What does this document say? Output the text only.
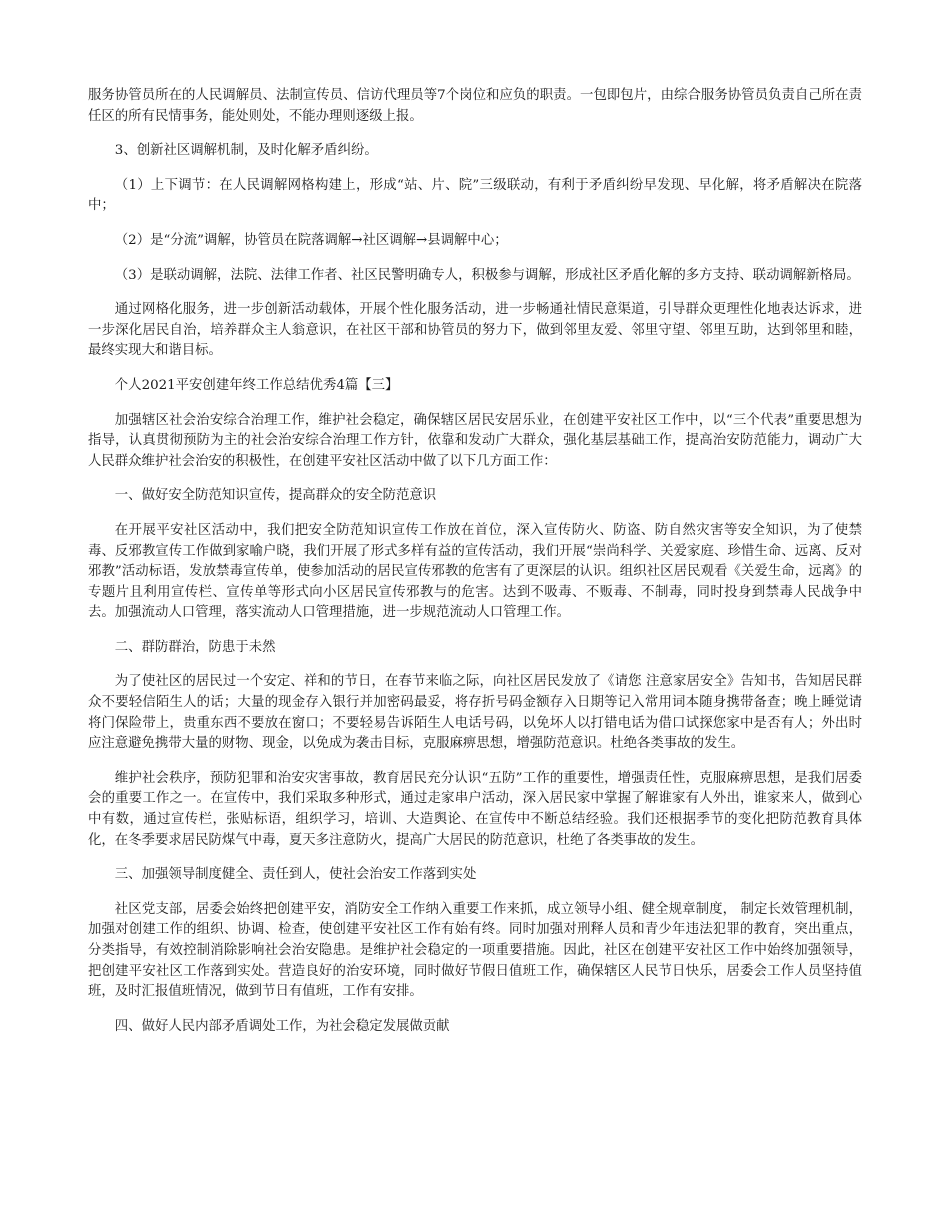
服务协管员所在的人民调解员、法制宣传员、信访代理员等7个岗位和应负的职责。一包即包片，由综合服务协管员负责自己所在责任区的所有民情事务，能处则处，不能办理则逐级上报。

3、创新社区调解机制，及时化解矛盾纠纷。

（1）上下调节：在人民调解网格构建上，形成“站、片、院”三级联动，有利于矛盾纠纷早发现、早化解，将矛盾解决在院落中；

（2）是“分流”调解，协管员在院落调解→社区调解→县调解中心；

（3）是联动调解，法院、法律工作者、社区民警明确专人，积极参与调解，形成社区矛盾化解的多方支持、联动调解新格局。

通过网格化服务，进一步创新活动载体，开展个性化服务活动，进一步畅通社情民意渠道，引导群众更理性化地表达诉求，进一步深化居民自治，培养群众主人翁意识，在社区干部和协管员的努力下，做到邻里友爱、邻里守望、邻里互助，达到邻里和睦，最终实现大和谐目标。

个人2021平安创建年终工作总结优秀4篇【三】

加强辖区社会治安综合治理工作，维护社会稳定，确保辖区居民安居乐业，在创建平安社区工作中，以“三个代表”重要思想为指导，认真贯彻预防为主的社会治安综合治理工作方针，依靠和发动广大群众，强化基层基础工作，提高治安防范能力，调动广大人民群众维护社会治安的积极性，在创建平安社区活动中做了以下几方面工作：

一、做好安全防范知识宣传，提高群众的安全防范意识

在开展平安社区活动中，我们把安全防范知识宣传工作放在首位，深入宣传防火、防盗、防自然灾害等安全知识，为了使禁毒、反邪教宣传工作做到家喻户晓，我们开展了形式多样有益的宣传活动，我们开展“崇尚科学、关爱家庭、珍惜生命、远离、反对邪教”活动标语，发放禁毒宣传单，使参加活动的居民宣传邪教的危害有了更深层的认识。组织社区居民观看《关爱生命，远离》的专题片且利用宣传栏、宣传单等形式向小区居民宣传邪教与的危害。达到不吸毒、不贩毒、不制毒，同时投身到禁毒人民战争中去。加强流动人口管理，落实流动人口管理措施，进一步规范流动人口管理工作。

二、群防群治，防患于未然

为了使社区的居民过一个安定、祥和的节日，在春节来临之际，向社区居民发放了《请您 注意家居安全》告知书，告知居民群众不要轻信陌生人的话；大量的现金存入银行并加密码最妥，将存折号码金额存入日期等记入常用词本随身携带备查；晚上睡觉请将门保险带上，贵重东西不要放在窗口；不要轻易告诉陌生人电话号码，以免坏人以打错电话为借口试探您家中是否有人；外出时应注意避免携带大量的财物、现金，以免成为袭击目标，克服麻痹思想，增强防范意识。杜绝各类事故的发生。

维护社会秩序，预防犯罪和治安灾害事故，教育居民充分认识“五防”工作的重要性，增强责任性，克服麻痹思想，是我们居委会的重要工作之一。在宣传中，我们采取多种形式，通过走家串户活动，深入居民家中掌握了解谁家有人外出，谁家来人，做到心中有数，通过宣传栏，张贴标语，组织学习，培训、大造舆论、在宣传中不断总结经验。我们还根据季节的变化把防范教育具体化，在冬季要求居民防煤气中毒，夏天多注意防火，提高广大居民的防范意识，杜绝了各类事故的发生。

三、加强领导制度健全、责任到人，使社会治安工作落到实处

社区党支部，居委会始终把创建平安，消防安全工作纳入重要工作来抓，成立领导小组、健全规章制度， 制定长效管理机制，加强对创建工作的组织、协调、检查，使创建平安社区工作有始有终。同时加强对刑释人员和青少年违法犯罪的教育，突出重点，分类指导，有效控制消除影响社会治安隐患。是维护社会稳定的一项重要措施。因此，社区在创建平安社区工作中始终加强领导，把创建平安社区工作落到实处。营造良好的治安环境，同时做好节假日值班工作，确保辖区人民节日快乐，居委会工作人员坚持值班，及时汇报值班情况，做到节日有值班，工作有安排。

四、做好人民内部矛盾调处工作，为社会稳定发展做贡献
